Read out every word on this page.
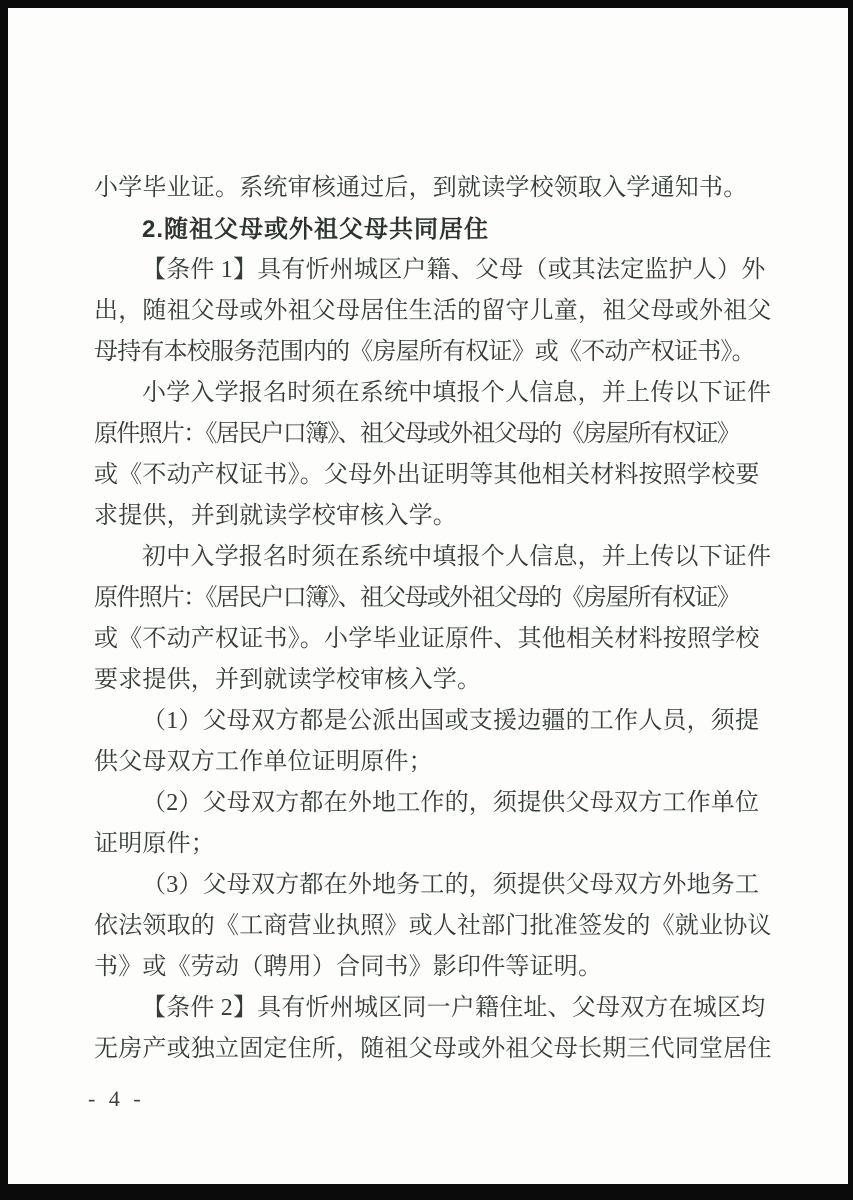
小学毕业证。系统审核通过后，到就读学校领取入学通知书。
2.随祖父母或外祖父母共同居住
【条件 1】具有忻州城区户籍、父母（或其法定监护人）外
出，随祖父母或外祖父母居住生活的留守儿童，祖父母或外祖父
母持有本校服务范围内的《房屋所有权证》或《不动产权证书》。
小学入学报名时须在系统中填报个人信息，并上传以下证件
原件照片：《居民户口簿》、祖父母或外祖父母的《房屋所有权证》
或《不动产权证书》。父母外出证明等其他相关材料按照学校要
求提供，并到就读学校审核入学。
初中入学报名时须在系统中填报个人信息，并上传以下证件
原件照片：《居民户口簿》、祖父母或外祖父母的《房屋所有权证》
或《不动产权证书》。小学毕业证原件、其他相关材料按照学校
要求提供，并到就读学校审核入学。
（1）父母双方都是公派出国或支援边疆的工作人员，须提
供父母双方工作单位证明原件；
（2）父母双方都在外地工作的，须提供父母双方工作单位
证明原件；
（3）父母双方都在外地务工的，须提供父母双方外地务工
依法领取的《工商营业执照》或人社部门批准签发的《就业协议
书》或《劳动（聘用）合同书》影印件等证明。
【条件 2】具有忻州城区同一户籍住址、父母双方在城区均
无房产或独立固定住所，随祖父母或外祖父母长期三代同堂居住
- 4 -
